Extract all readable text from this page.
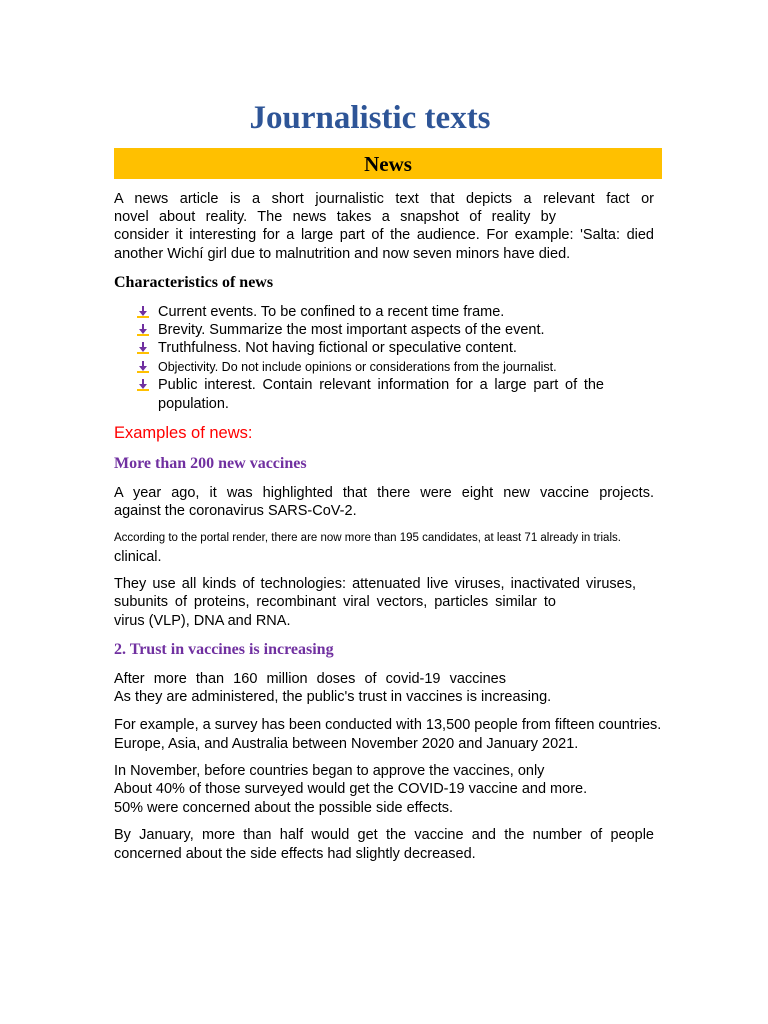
Journalistic texts
News

A news article is a short journalistic text that depicts a relevant fact or

novel about reality. The news takes a snapshot of reality by

consider it interesting for a large part of the audience. For example: 'Salta: died

another Wichí girl due to malnutrition and now seven minors have died.

Characteristics of news
Current events. To be confined to a recent time frame.
Brevity. Summarize the most important aspects of the event.
Truthfulness. Not having fictional or speculative content.
Objectivity. Do not include opinions or considerations from the journalist.
Public interest. Contain relevant information for a large part of the
population.
Examples of news:
More than 200 new vaccines

A year ago, it was highlighted that there were eight new vaccine projects.

against the coronavirus SARS-CoV-2.

According to the portal render, there are now more than 195 candidates, at least 71 already in trials.

clinical.

They use all kinds of technologies: attenuated live viruses, inactivated viruses,

subunits of proteins, recombinant viral vectors, particles similar to

virus (VLP), DNA and RNA.

2. Trust in vaccines is increasing

After more than 160 million doses of covid-19 vaccines

As they are administered, the public's trust in vaccines is increasing.

For example, a survey has been conducted with 13,500 people from fifteen countries.

Europe, Asia, and Australia between November 2020 and January 2021.

In November, before countries began to approve the vaccines, only

About 40% of those surveyed would get the COVID-19 vaccine and more.

50% were concerned about the possible side effects.

By January, more than half would get the vaccine and the number of people

concerned about the side effects had slightly decreased.
